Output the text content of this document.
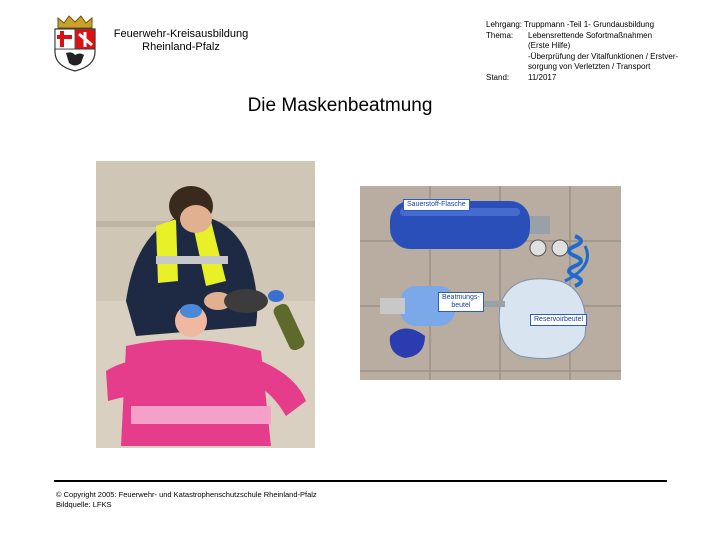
Feuerwehr-Kreisausbildung
Rheinland-Pfalz
Lehrgang: Truppmann -Teil 1- Grundausbildung
Thema:	Lebensrettende Sofortmaßnahmen
(Erste Hilfe)
-Überprüfung der Vitalfunktionen / Erstver-
sorgung von Verletzten / Transport
Stand:	11/2017
Die Maskenbeatmung
Sauerstoff-Flasche
Beatmungs-
beutel
Reservoirbeutel
© Copyright 2005: Feuerwehr- und Katastrophenschutzschule Rheinland-Pfalz
Bildquelle: LFKS
